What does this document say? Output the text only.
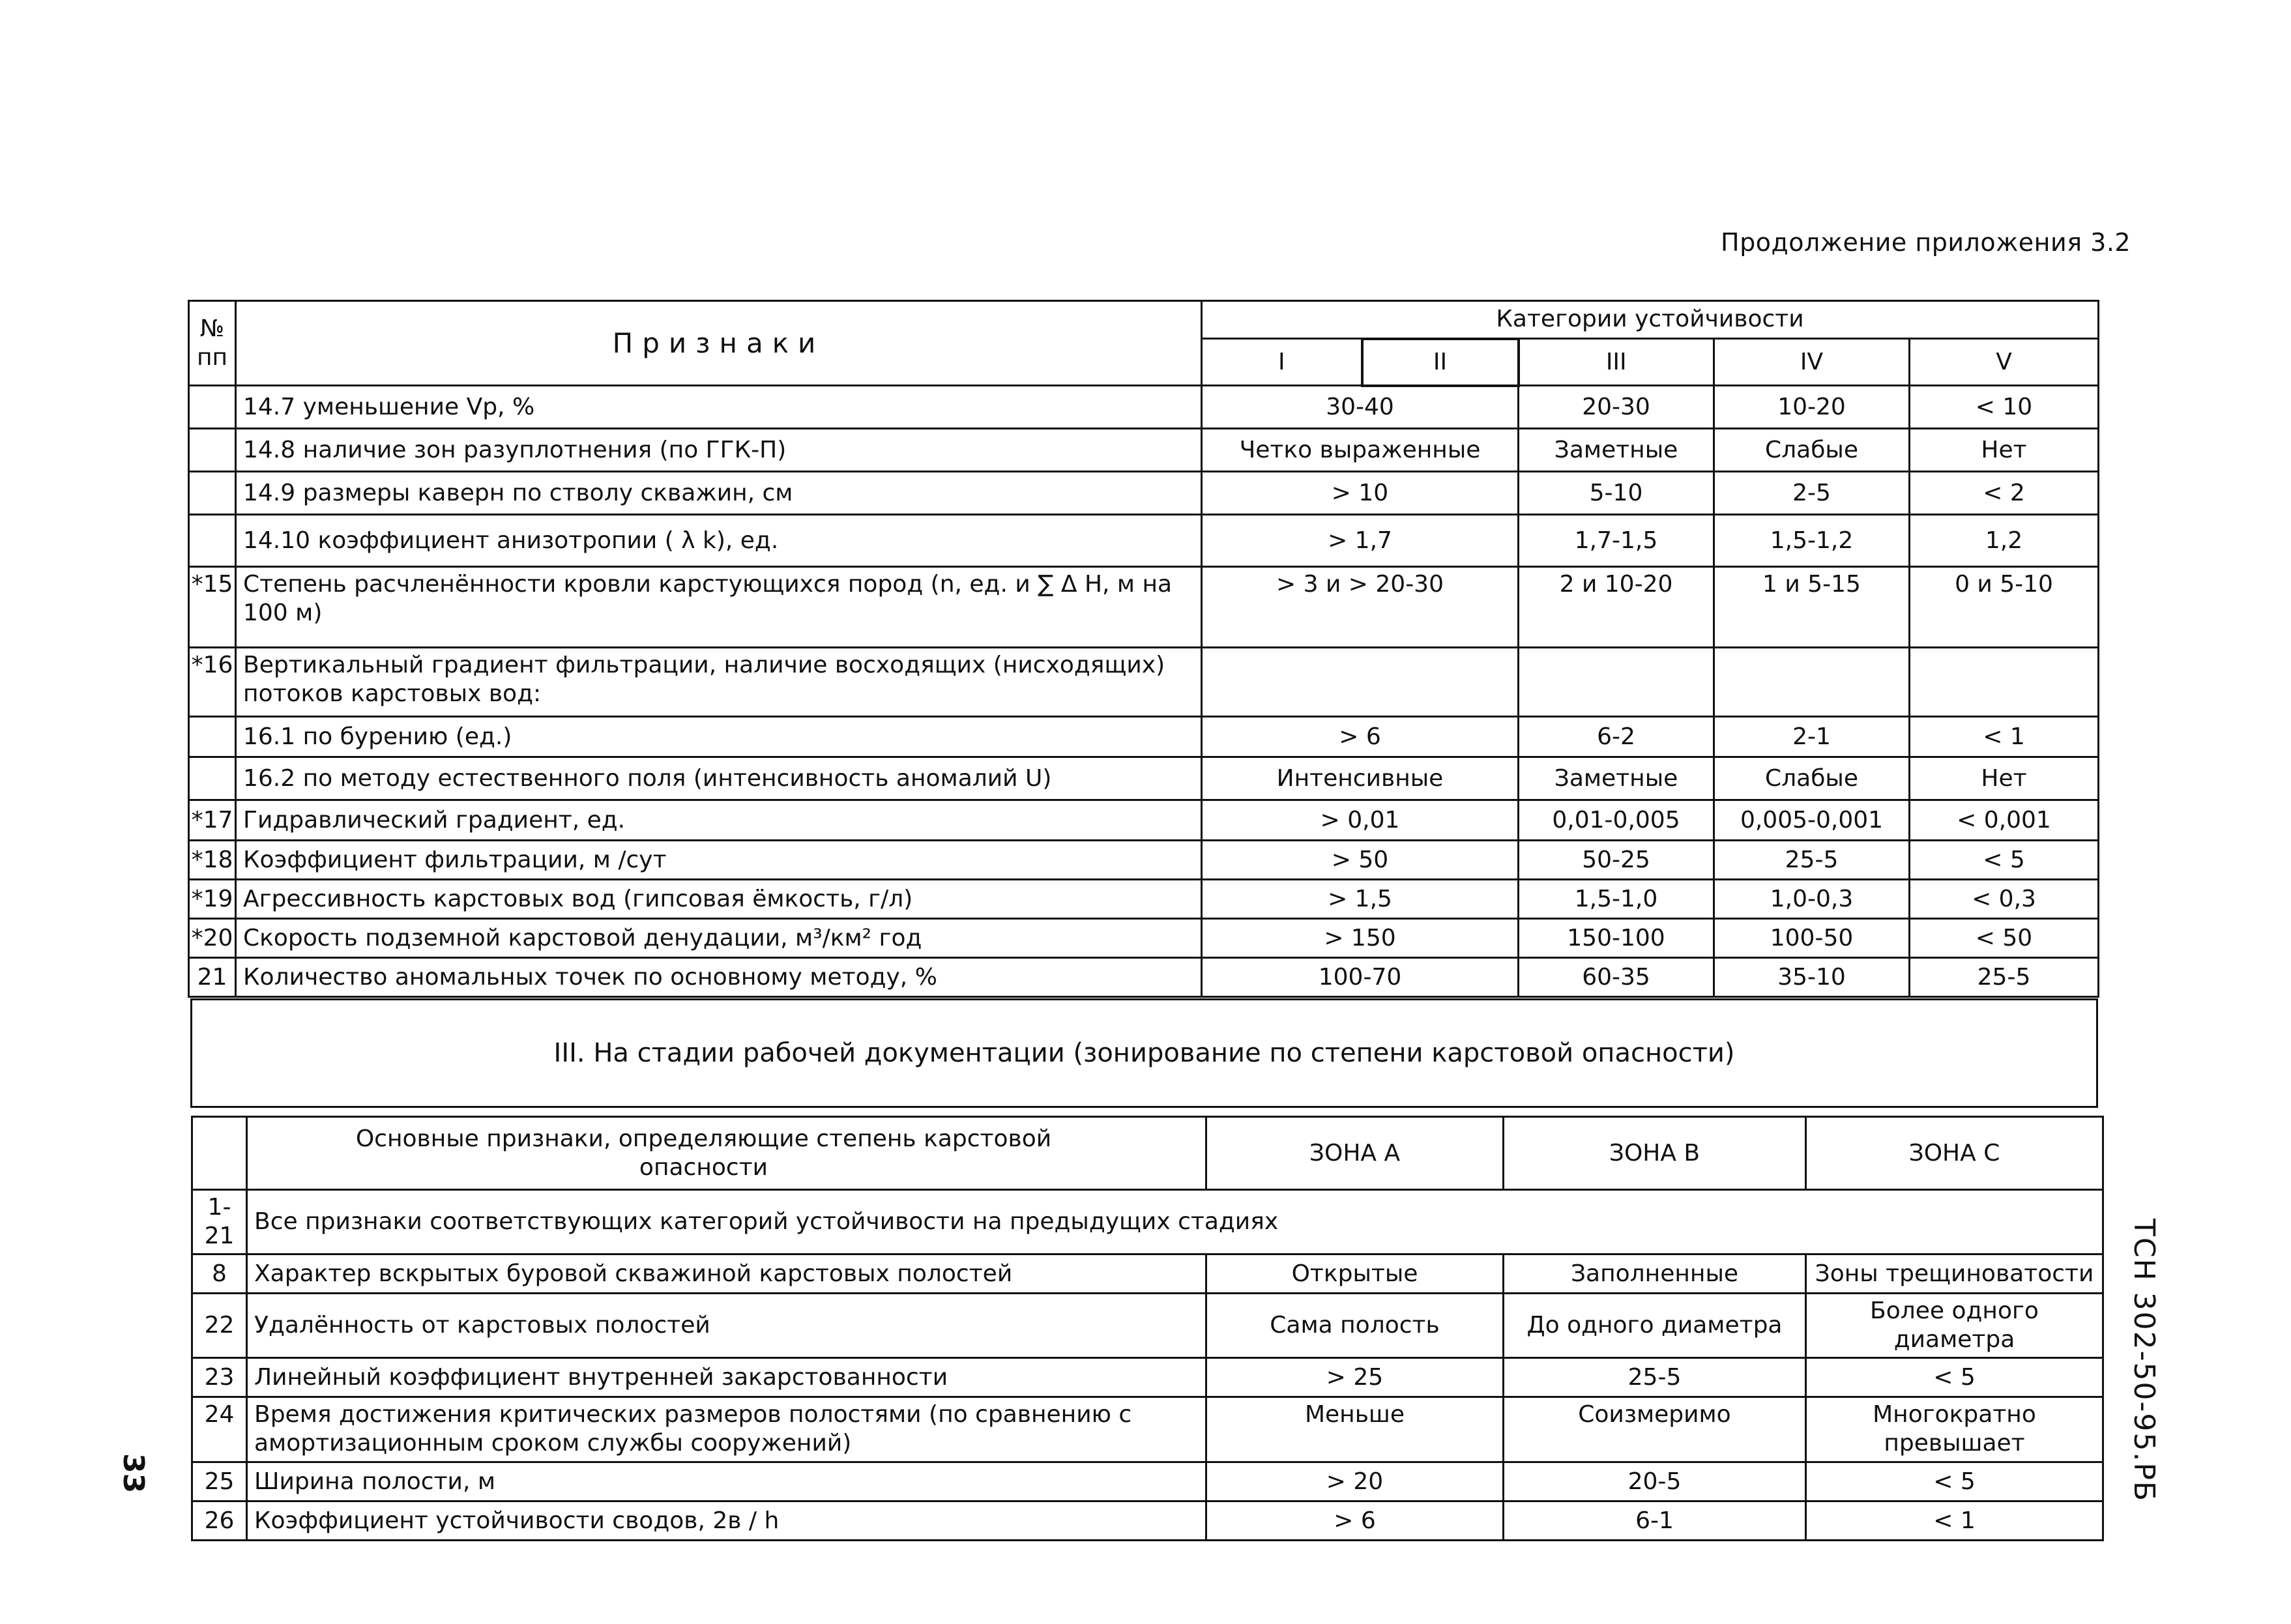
Продолжение приложения 3.2
№ пп	Признаки	Категории устойчивости				
		I	II	III	IV	V
	14.7 уменьшение Vр, %	30-40		20-30	10-20	< 10
	14.8 наличие зон разуплотнения (по ГГК-П)	Четко выраженные		Заметные	Слабые	Нет
	14.9 размеры каверн по стволу скважин, см	> 10		5-10	2-5	< 2
	14.10 коэффициент анизотропии ( λ k), ед.	> 1,7		1,7-1,5	1,5-1,2	1,2
*15	Степень расчленённости кровли карстующихся пород (n, ед. и ∑ Δ H, м на 100 м)	> 3 и > 20-30		2 и 10-20	1 и 5-15	0 и 5-10
*16	Вертикальный градиент фильтрации, наличие восходящих (нисходящих) потоков карстовых вод:					
	16.1 по бурению (ед.)	> 6		6-2	2-1	< 1
	16.2 по методу естественного поля (интенсивность аномалий U)	Интенсивные		Заметные	Слабые	Нет
*17	Гидравлический градиент, ед.	> 0,01		0,01-0,005	0,005-0,001	< 0,001
*18	Коэффициент фильтрации, м /сут	> 50		50-25	25-5	< 5
*19	Агрессивность карстовых вод (гипсовая ёмкость, г/л)	> 1,5		1,5-1,0	1,0-0,3	< 0,3
*20	Скорость подземной карстовой денудации, м³/км² год	> 150		150-100	100-50	< 50
21	Количество аномальных точек по основному методу, %	100-70		60-35	35-10	25-5
III. На стадии рабочей документации (зонирование по степени карстовой опасности)
	Основные признаки, определяющие степень карстовой опасности	ЗОНА А	ЗОНА В	ЗОНА С
1-21	Все признаки соответствующих категорий устойчивости на предыдущих стадиях			
8	Характер вскрытых буровой скважиной карстовых полостей	Открытые	Заполненные	Зоны трещиноватости
22	Удалённость от карстовых полостей	Сама полость	До одного диаметра	Более одного диаметра
23	Линейный коэффициент внутренней закарстованности	> 25	25-5	< 5
24	Время достижения критических размеров полостями (по сравнению с амортизационным сроком службы сооружений)	Меньше	Соизмеримо	Многократно превышает
25	Ширина полости, м	> 20	20-5	< 5
26	Коэффициент устойчивости сводов, 2в / h	> 6	6-1	< 1
ТСН 302-50-95.РБ
33
